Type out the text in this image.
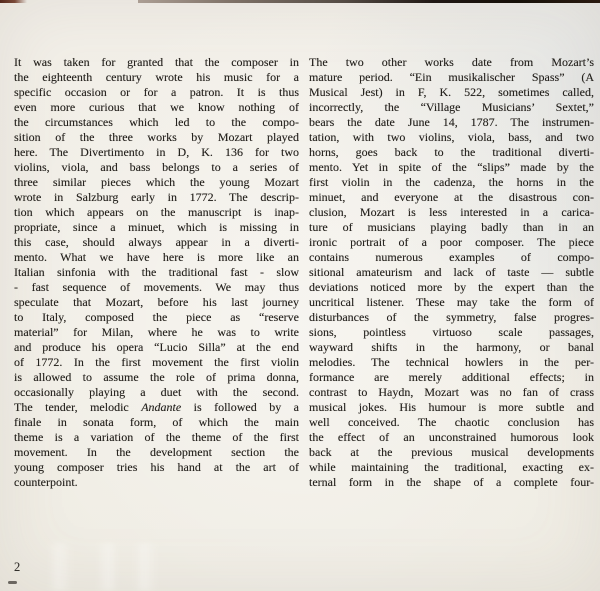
It was taken for granted that the composer in
the eighteenth century wrote his music for a
specific occasion or for a patron. It is thus
even more curious that we know nothing of
the circumstances which led to the compo-
sition of the three works by Mozart played
here. The Divertimento in D, K. 136 for two
violins, viola, and bass belongs to a series of
three similar pieces which the young Mozart
wrote in Salzburg early in 1772. The descrip-
tion which appears on the manuscript is inap-
propriate, since a minuet, which is missing in
this case, should always appear in a diverti-
mento. What we have here is more like an
Italian sinfonia with the traditional fast - slow
- fast sequence of movements. We may thus
speculate that Mozart, before his last journey
to Italy, composed the piece as “reserve
material” for Milan, where he was to write
and produce his opera “Lucio Silla” at the end
of 1772. In the first movement the first violin
is allowed to assume the role of prima donna,
occasionally playing a duet with the second.
The tender, melodic Andante is followed by a
finale in sonata form, of which the main
theme is a variation of the theme of the first
movement. In the development section the
young composer tries his hand at the art of
counterpoint.
The two other works date from Mozart’s
mature period. “Ein musikalischer Spass” (A
Musical Jest) in F, K. 522, sometimes called,
incorrectly, the “Village Musicians’ Sextet,”
bears the date June 14, 1787. The instrumen-
tation, with two violins, viola, bass, and two
horns, goes back to the traditional diverti-
mento. Yet in spite of the “slips” made by the
first violin in the cadenza, the horns in the
minuet, and everyone at the disastrous con-
clusion, Mozart is less interested in a carica-
ture of musicians playing badly than in an
ironic portrait of a poor composer. The piece
contains numerous examples of compo-
sitional amateurism and lack of taste — subtle
deviations noticed more by the expert than the
uncritical listener. These may take the form of
disturbances of the symmetry, false progres-
sions, pointless virtuoso scale passages,
wayward shifts in the harmony, or banal
melodies. The technical howlers in the per-
formance are merely additional effects; in
contrast to Haydn, Mozart was no fan of crass
musical jokes. His humour is more subtle and
well conceived. The chaotic conclusion has
the effect of an unconstrained humorous look
back at the previous musical developments
while maintaining the traditional, exacting ex-
ternal form in the shape of a complete four-
2
